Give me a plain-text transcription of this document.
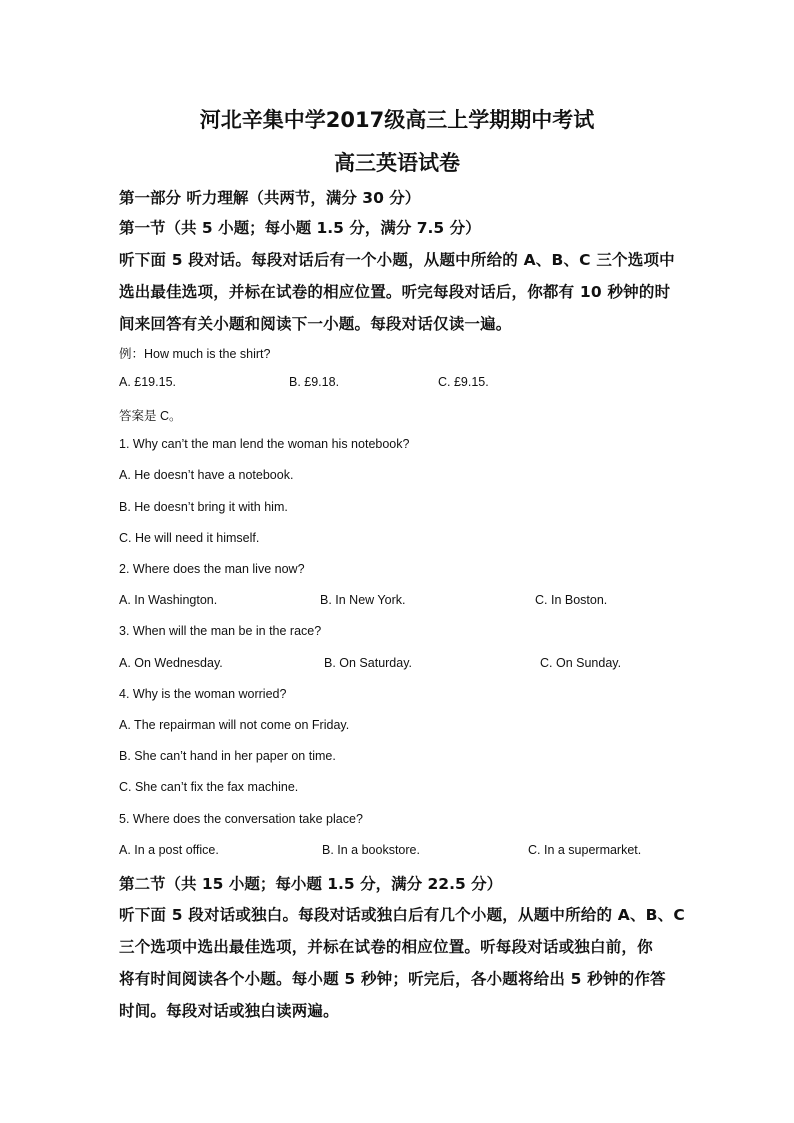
河北辛集中学2017级高三上学期期中考试
高三英语试卷
第一部分 听力理解（共两节，满分 30 分）
第一节（共 5 小题；每小题 1.5 分，满分 7.5 分）
听下面 5 段对话。每段对话后有一个小题，从题中所给的 A、B、C 三个选项中
选出最佳选项，并标在试卷的相应位置。听完每段对话后，你都有 10 秒钟的时
间来回答有关小题和阅读下一小题。每段对话仅读一遍。
例：How much is the shirt?
A. £19.15.	B. £9.18.	C. £9.15.
答案是 C。
1. Why can’t the man lend the woman his notebook?
A. He doesn’t have a notebook.
B. He doesn’t bring it with him.
C. He will need it himself.
2. Where does the man live now?
A. In Washington.	B. In New York.	C. In Boston.
3. When will the man be in the race?
A. On Wednesday.	B. On Saturday.	C. On Sunday.
4. Why is the woman worried?
A. The repairman will not come on Friday.
B. She can’t hand in her paper on time.
C. She can’t fix the fax machine.
5. Where does the conversation take place?
A. In a post office.	B. In a bookstore.	C. In a supermarket.
第二节（共 15 小题；每小题 1.5 分，满分 22.5 分）
听下面 5 段对话或独白。每段对话或独白后有几个小题，从题中所给的 A、B、C
三个选项中选出最佳选项，并标在试卷的相应位置。听每段对话或独白前，你
将有时间阅读各个小题。每小题 5 秒钟；听完后，各小题将给出 5 秒钟的作答
时间。每段对话或独白读两遍。
